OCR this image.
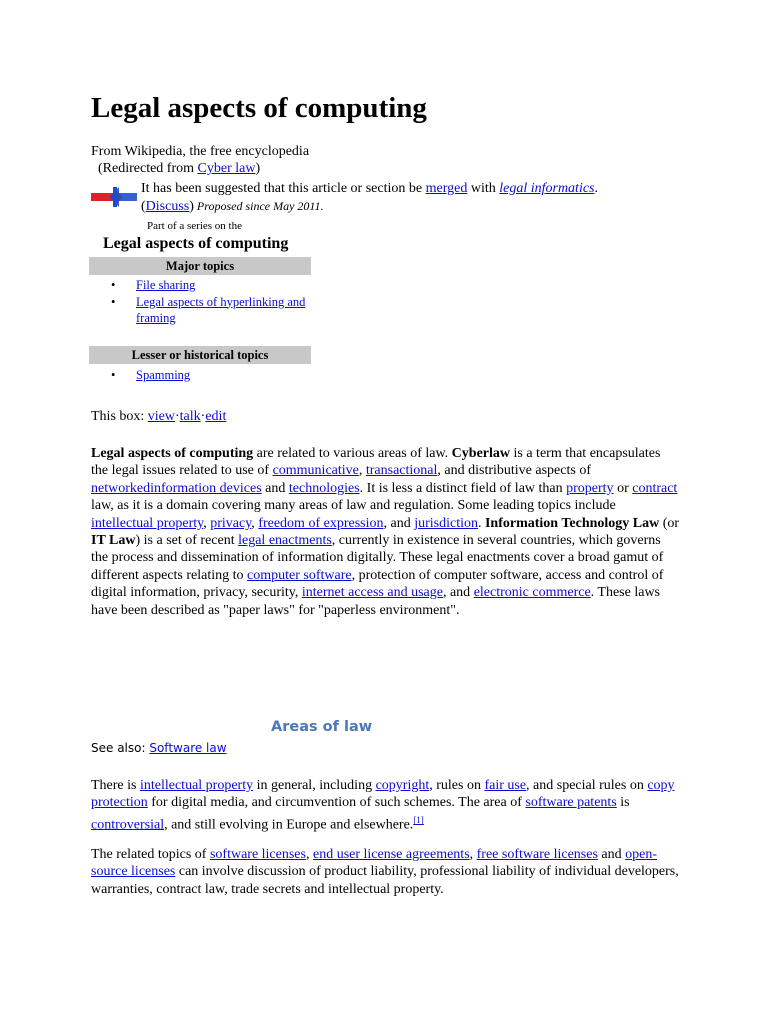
Legal aspects of computing
From Wikipedia, the free encyclopedia
(Redirected from Cyber law)
It has been suggested that this article or section be merged with legal informatics.
(Discuss) Proposed since May 2011.
Part of a series on the
Legal aspects of computing
Major topics
• File sharing
• Legal aspects of hyperlinking and framing
Lesser or historical topics
• Spamming
This box: view·talk·edit
Legal aspects of computing are related to various areas of law. Cyberlaw is a term that encapsulates the legal issues related to use of communicative, transactional, and distributive aspects of networkedinformation devices and technologies. It is less a distinct field of law than property or contract law, as it is a domain covering many areas of law and regulation. Some leading topics include intellectual property, privacy, freedom of expression, and jurisdiction. Information Technology Law (or IT Law) is a set of recent legal enactments, currently in existence in several countries, which governs the process and dissemination of information digitally. These legal enactments cover a broad gamut of different aspects relating to computer software, protection of computer software, access and control of digital information, privacy, security, internet access and usage, and electronic commerce. These laws have been described as "paper laws" for "paperless environment".
Areas of law
See also: Software law
There is intellectual property in general, including copyright, rules on fair use, and special rules on copy protection for digital media, and circumvention of such schemes. The area of software patents is controversial, and still evolving in Europe and elsewhere.[1]
The related topics of software licenses, end user license agreements, free software licenses and open-source licenses can involve discussion of product liability, professional liability of individual developers, warranties, contract law, trade secrets and intellectual property.
